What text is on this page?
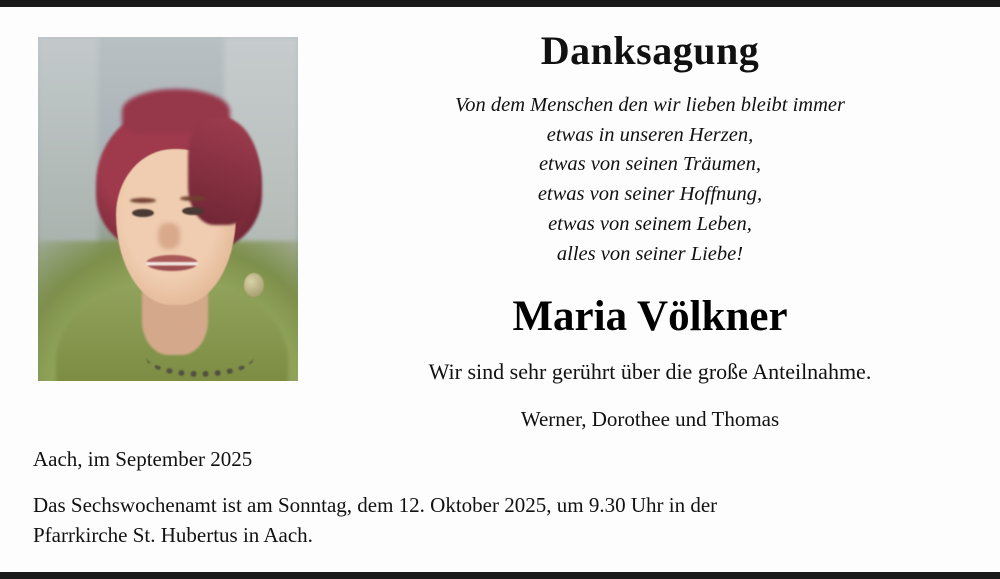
Danksagung
Von dem Menschen den wir lieben bleibt immer
etwas in unseren Herzen,
etwas von seinen Träumen,
etwas von seiner Hoffnung,
etwas von seinem Leben,
alles von seiner Liebe!
Maria Völkner
Wir sind sehr gerührt über die große Anteilnahme.
Werner, Dorothee und Thomas
Aach, im September 2025

Das Sechswochenamt ist am Sonntag, dem 12. Oktober 2025, um 9.30 Uhr in der
Pfarrkirche St. Hubertus in Aach.
